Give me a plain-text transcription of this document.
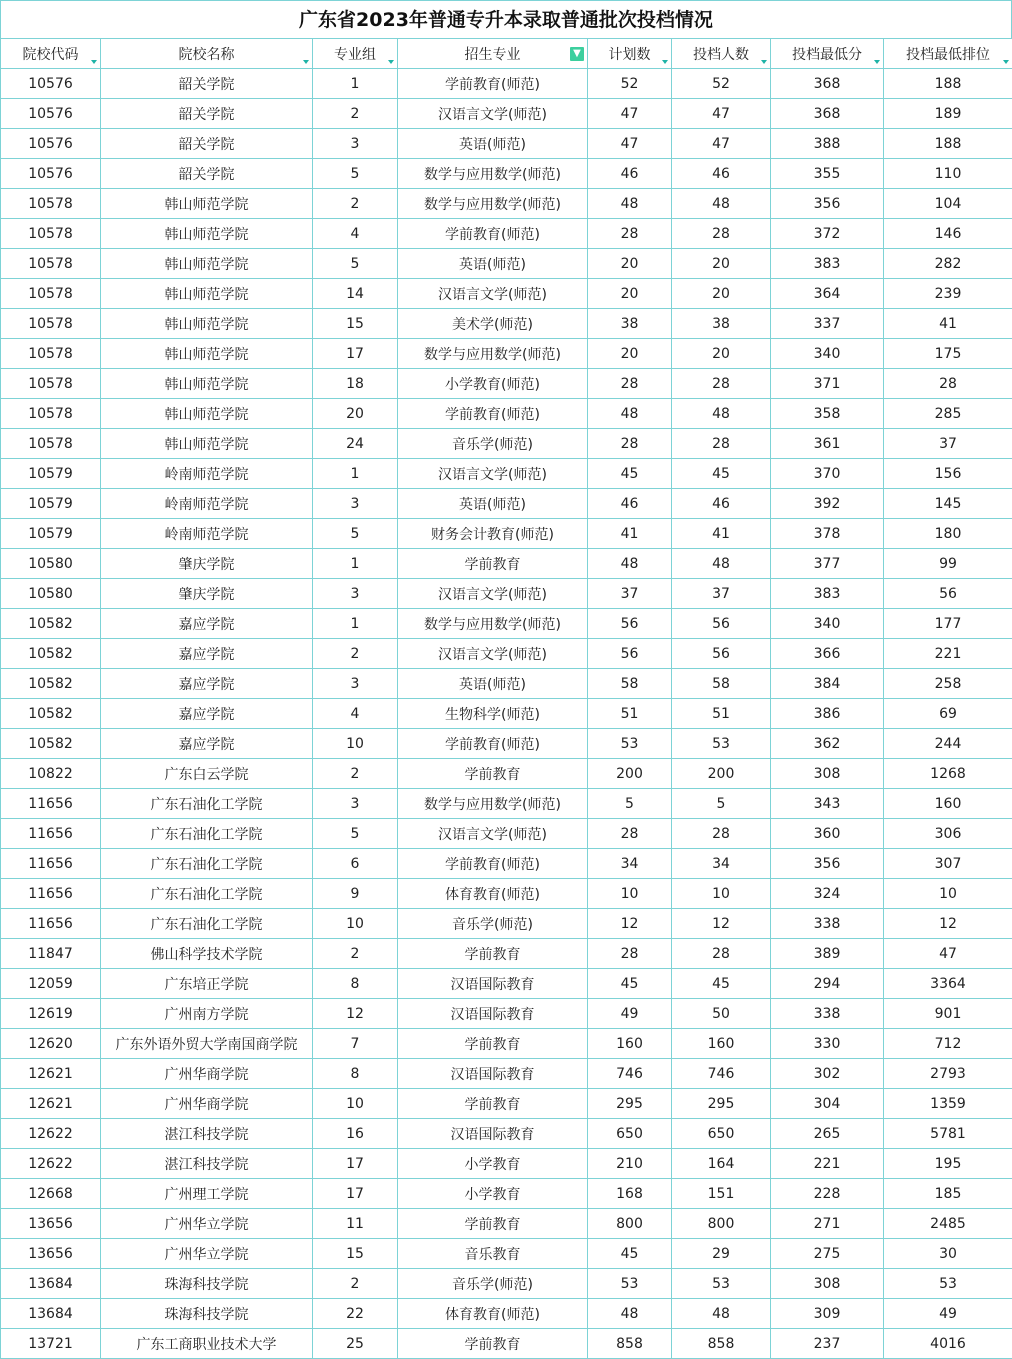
广东省2023年普通专升本录取普通批次投档情况
院校代码	院校名称	专业组	招生专业 ▼	计划数	投档人数	投档最低分	投档最低排位

10576	韶关学院	1	学前教育(师范)	52	52	368	188
10576	韶关学院	2	汉语言文学(师范)	47	47	368	189
10576	韶关学院	3	英语(师范)	47	47	388	188
10576	韶关学院	5	数学与应用数学(师范)	46	46	355	110
10578	韩山师范学院	2	数学与应用数学(师范)	48	48	356	104
10578	韩山师范学院	4	学前教育(师范)	28	28	372	146
10578	韩山师范学院	5	英语(师范)	20	20	383	282
10578	韩山师范学院	14	汉语言文学(师范)	20	20	364	239
10578	韩山师范学院	15	美术学(师范)	38	38	337	41
10578	韩山师范学院	17	数学与应用数学(师范)	20	20	340	175
10578	韩山师范学院	18	小学教育(师范)	28	28	371	28
10578	韩山师范学院	20	学前教育(师范)	48	48	358	285
10578	韩山师范学院	24	音乐学(师范)	28	28	361	37
10579	岭南师范学院	1	汉语言文学(师范)	45	45	370	156
10579	岭南师范学院	3	英语(师范)	46	46	392	145
10579	岭南师范学院	5	财务会计教育(师范)	41	41	378	180
10580	肇庆学院	1	学前教育	48	48	377	99
10580	肇庆学院	3	汉语言文学(师范)	37	37	383	56
10582	嘉应学院	1	数学与应用数学(师范)	56	56	340	177
10582	嘉应学院	2	汉语言文学(师范)	56	56	366	221
10582	嘉应学院	3	英语(师范)	58	58	384	258
10582	嘉应学院	4	生物科学(师范)	51	51	386	69
10582	嘉应学院	10	学前教育(师范)	53	53	362	244
10822	广东白云学院	2	学前教育	200	200	308	1268
11656	广东石油化工学院	3	数学与应用数学(师范)	5	5	343	160
11656	广东石油化工学院	5	汉语言文学(师范)	28	28	360	306
11656	广东石油化工学院	6	学前教育(师范)	34	34	356	307
11656	广东石油化工学院	9	体育教育(师范)	10	10	324	10
11656	广东石油化工学院	10	音乐学(师范)	12	12	338	12
11847	佛山科学技术学院	2	学前教育	28	28	389	47
12059	广东培正学院	8	汉语国际教育	45	45	294	3364
12619	广州南方学院	12	汉语国际教育	49	50	338	901
12620	广东外语外贸大学南国商学院	7	学前教育	160	160	330	712
12621	广州华商学院	8	汉语国际教育	746	746	302	2793
12621	广州华商学院	10	学前教育	295	295	304	1359
12622	湛江科技学院	16	汉语国际教育	650	650	265	5781
12622	湛江科技学院	17	小学教育	210	164	221	195
12668	广州理工学院	17	小学教育	168	151	228	185
13656	广州华立学院	11	学前教育	800	800	271	2485
13656	广州华立学院	15	音乐教育	45	29	275	30
13684	珠海科技学院	2	音乐学(师范)	53	53	308	53
13684	珠海科技学院	22	体育教育(师范)	48	48	309	49
13721	广东工商职业技术大学	25	学前教育	858	858	237	4016
